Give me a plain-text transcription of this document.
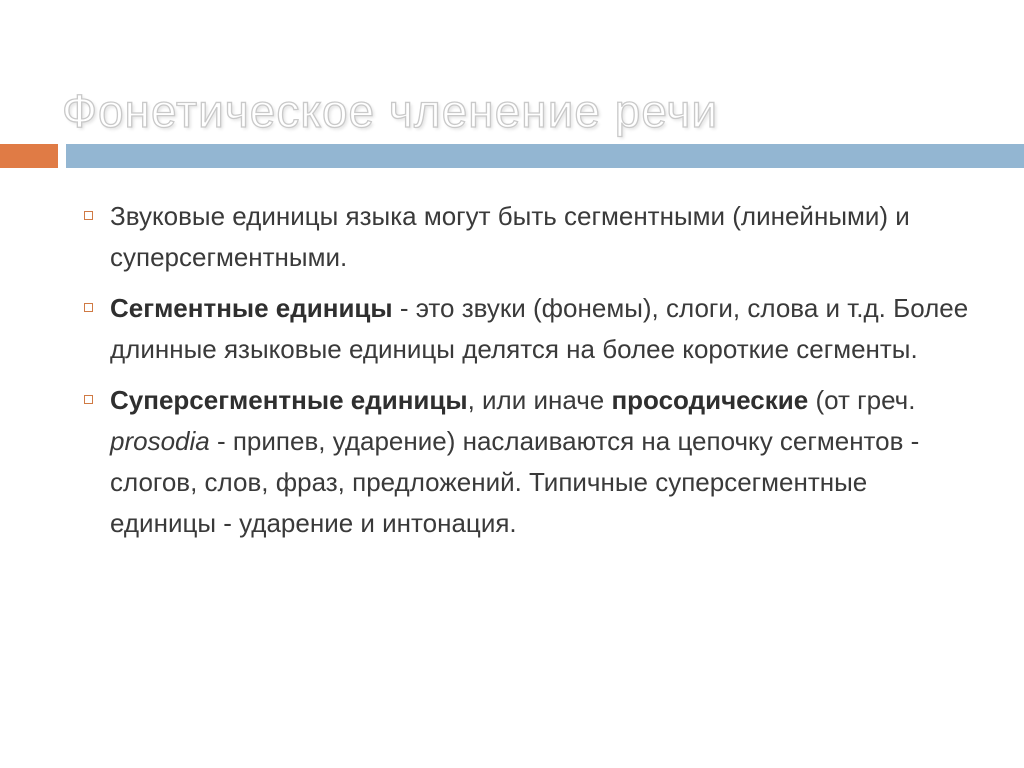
Фонетическое членение речи
Звуковые единицы языка могут быть сегментными (линейными) и суперсегментными.
Сегментные единицы - это звуки (фонемы), слоги, слова и т.д. Более длинные языковые единицы делятся на более короткие сегменты.
Суперсегментные единицы, или иначе просодические (от греч. prosodia - припев, ударение) наслаиваются на цепочку сегментов - слогов, слов, фраз, предложений. Типичные суперсегментные единицы - ударение и интонация.
